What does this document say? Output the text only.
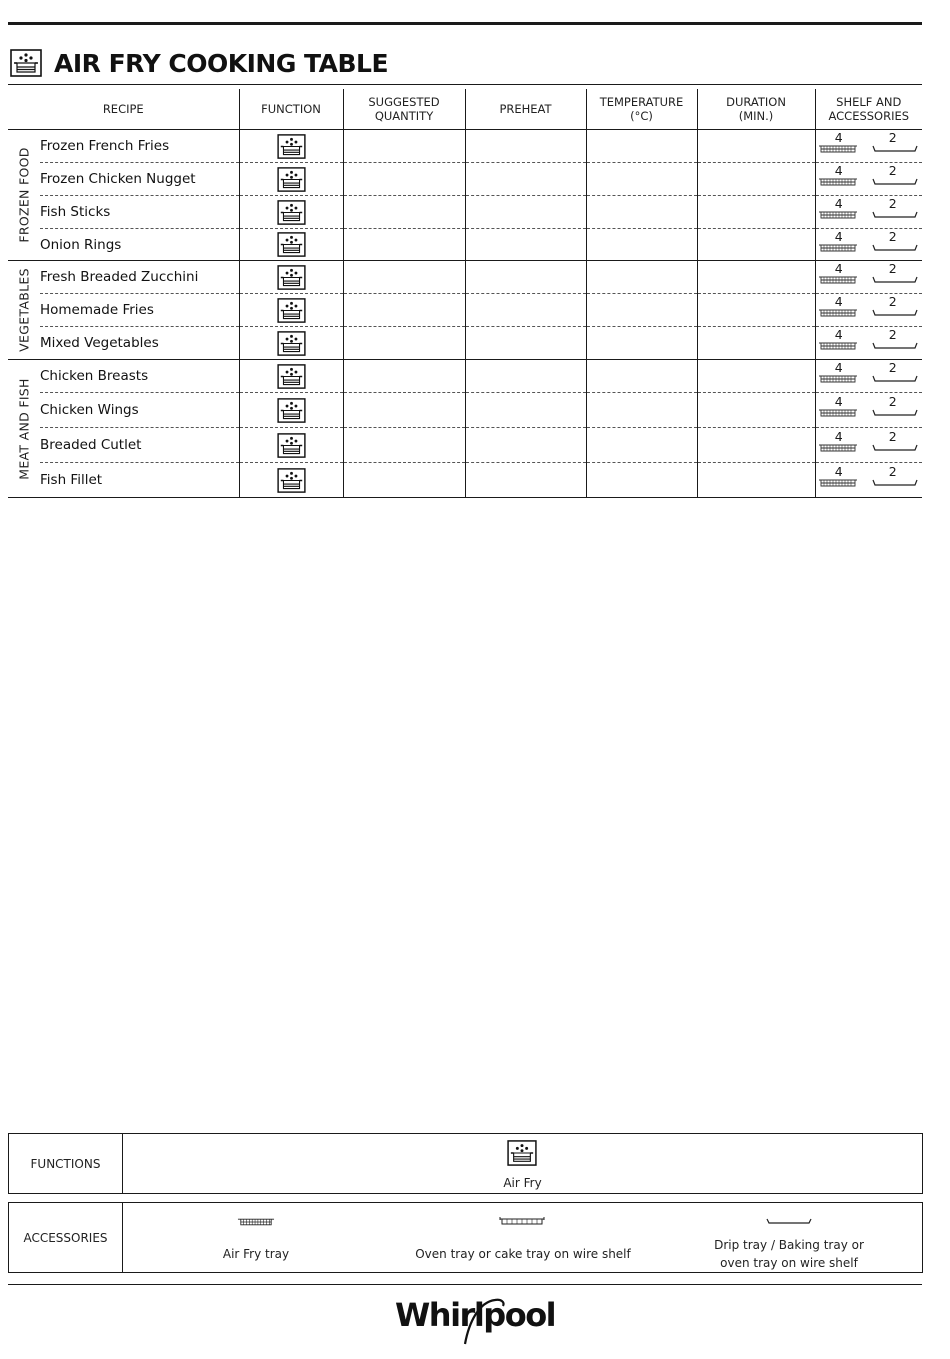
AIR FRY COOKING TABLE
RECIPE		FUNCTION	SUGGESTED
QUANTITY	PREHEAT	TEMPERATURE
(°C)	DURATION
(MIN.)	SHELF AND
ACCESSORIES

FROZEN FOOD	Frozen French Fries						4 2

	Frozen Chicken Nugget						4 2

	Fish Sticks						4 2

	Onion Rings						4 2

VEGETABLES	Fresh Breaded Zucchini						4 2

	Homemade Fries						4 2

	Mixed Vegetables						4 2

MEAT AND FISH	Chicken Breasts						4 2

	Chicken Wings						4 2

	Breaded Cutlet						4 2

	Fish Fillet						4 2
FUNCTIONS	
Air Fry
ACCESSORIES	
Air Fry tray	Oven tray or cake tray on wire shelf
Drip tray / Baking tray or
oven tray on wire shelf
Whirlpool
